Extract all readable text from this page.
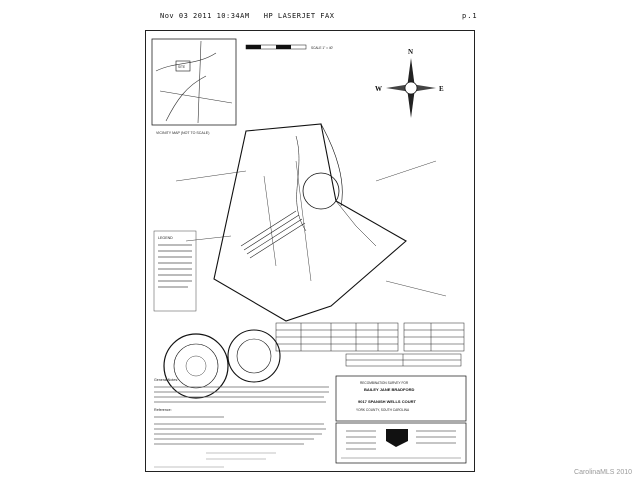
Nov 03 2011 10:34AM HP LASERJET FAX	p.1
SITE
VICINITY MAP (NOT TO SCALE)
SCALE 1" = 40'	N
E
W
LEGEND
General Notes:
Reference:
RECOMBINATION SURVEY FOR
BAILEY JANE BRADFORD
9017 SPANISH WELLS COURT
YORK COUNTY, SOUTH CAROLINA
CarolinaMLS 2010
